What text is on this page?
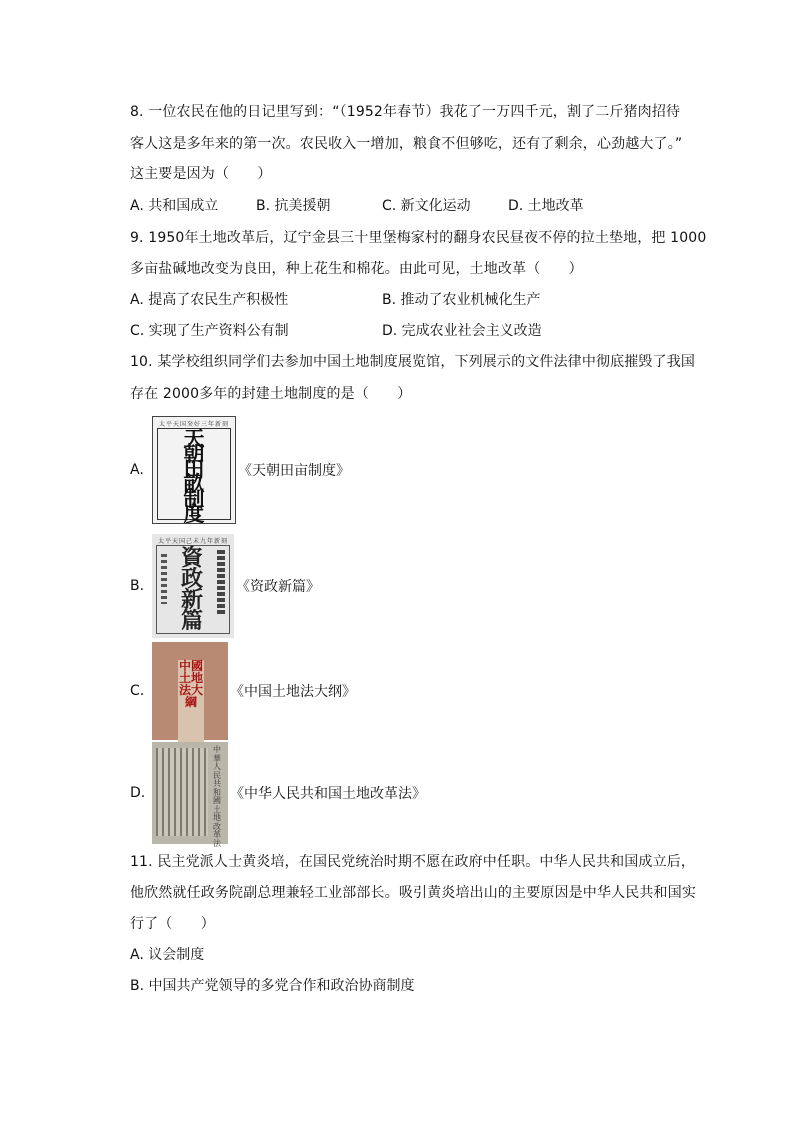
8. 一位农民在他的日记里写到：“（1952年春节）我花了一万四千元，割了二斤猪肉招待
客人这是多年来的第一次。农民收入一增加，粮食不但够吃，还有了剩余，心劲越大了。”
这主要是因为（　　）
A. 共和国成立	B. 抗美援朝	C. 新文化运动	D. 土地改革
9. 1950年土地改革后，辽宁金县三十里堡梅家村的翻身农民昼夜不停的拉土垫地，把 1000
多亩盐碱地改变为良田，种上花生和棉花。由此可见，土地改革（　　）
A. 提高了农民生产积极性	B. 推动了农业机械化生产
C. 实现了生产资料公有制	D. 完成农业社会主义改造
10. 某学校组织同学们去参加中国土地制度展览馆，下列展示的文件法律中彻底摧毁了我国
存在 2000多年的封建土地制度的是（　　）
A.
太平天国癸好三年新刻
天朝田畝制度
《天朝田亩制度》
B.
太平天国己未九年新刻
資政新篇
《资政新篇》
C.
中國土地法大綱
《中国土地法大纲》
D.
中華人民共和國土地改革法
《中华人民共和国土地改革法》
11. 民主党派人士黄炎培，在国民党统治时期不愿在政府中任职。中华人民共和国成立后，
他欣然就任政务院副总理兼轻工业部部长。吸引黄炎培出山的主要原因是中华人民共和国实
行了（　　）
A. 议会制度
B. 中国共产党领导的多党合作和政治协商制度
